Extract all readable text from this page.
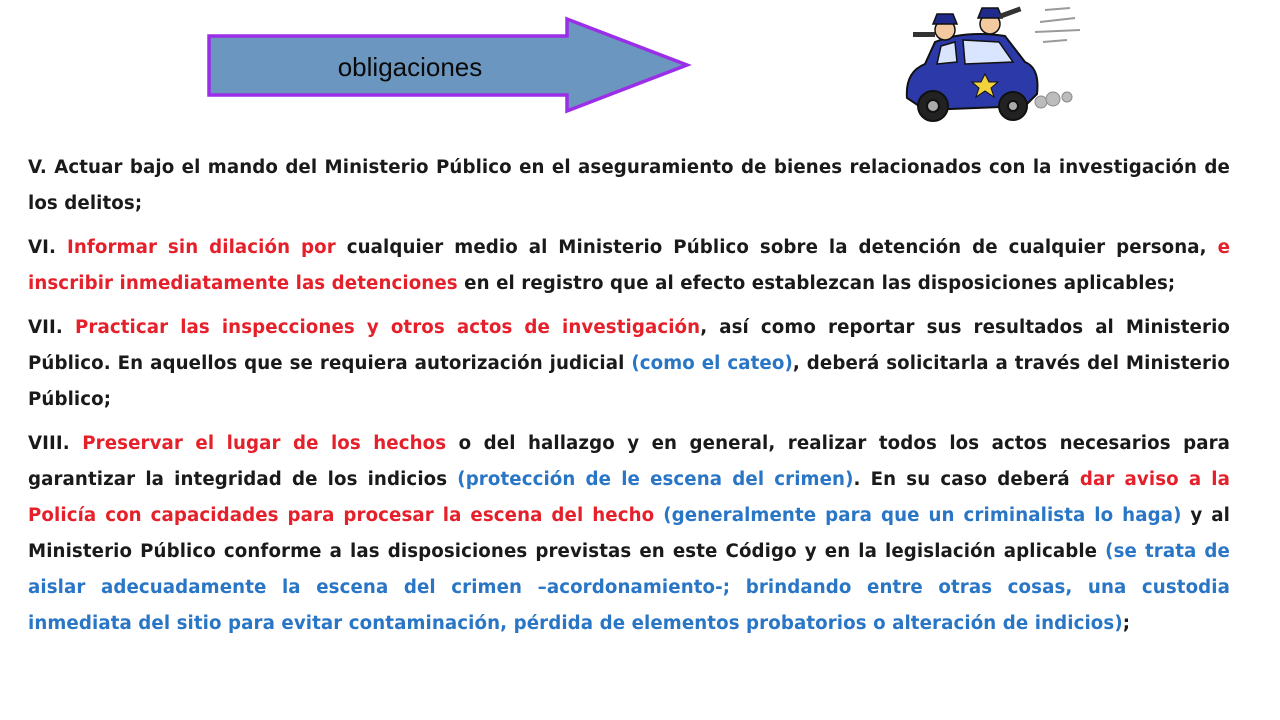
obligaciones

V. Actuar bajo el mando del Ministerio Público en el aseguramiento de bienes relacionados con la investigación de los delitos;

VI. Informar sin dilación por cualquier medio al Ministerio Público sobre la detención de cualquier persona, e inscribir inmediatamente las detenciones en el registro que al efecto establezcan las disposiciones aplicables;

VII. Practicar las inspecciones y otros actos de investigación, así como reportar sus resultados al Ministerio Público. En aquellos que se requiera autorización judicial (como el cateo), deberá solicitarla a través del Ministerio Público;

VIII. Preservar el lugar de los hechos o del hallazgo y en general, realizar todos los actos necesarios para garantizar la integridad de los indicios (protección de le escena del crimen). En su caso deberá dar aviso a la Policía con capacidades para procesar la escena del hecho (generalmente para que un criminalista lo haga) y al Ministerio Público conforme a las disposiciones previstas en este Código y en la legislación aplicable (se trata de aislar adecuadamente la escena del crimen –acordonamiento-; brindando entre otras cosas, una custodia inmediata del sitio para evitar contaminación, pérdida de elementos probatorios o alteración de indicios);
